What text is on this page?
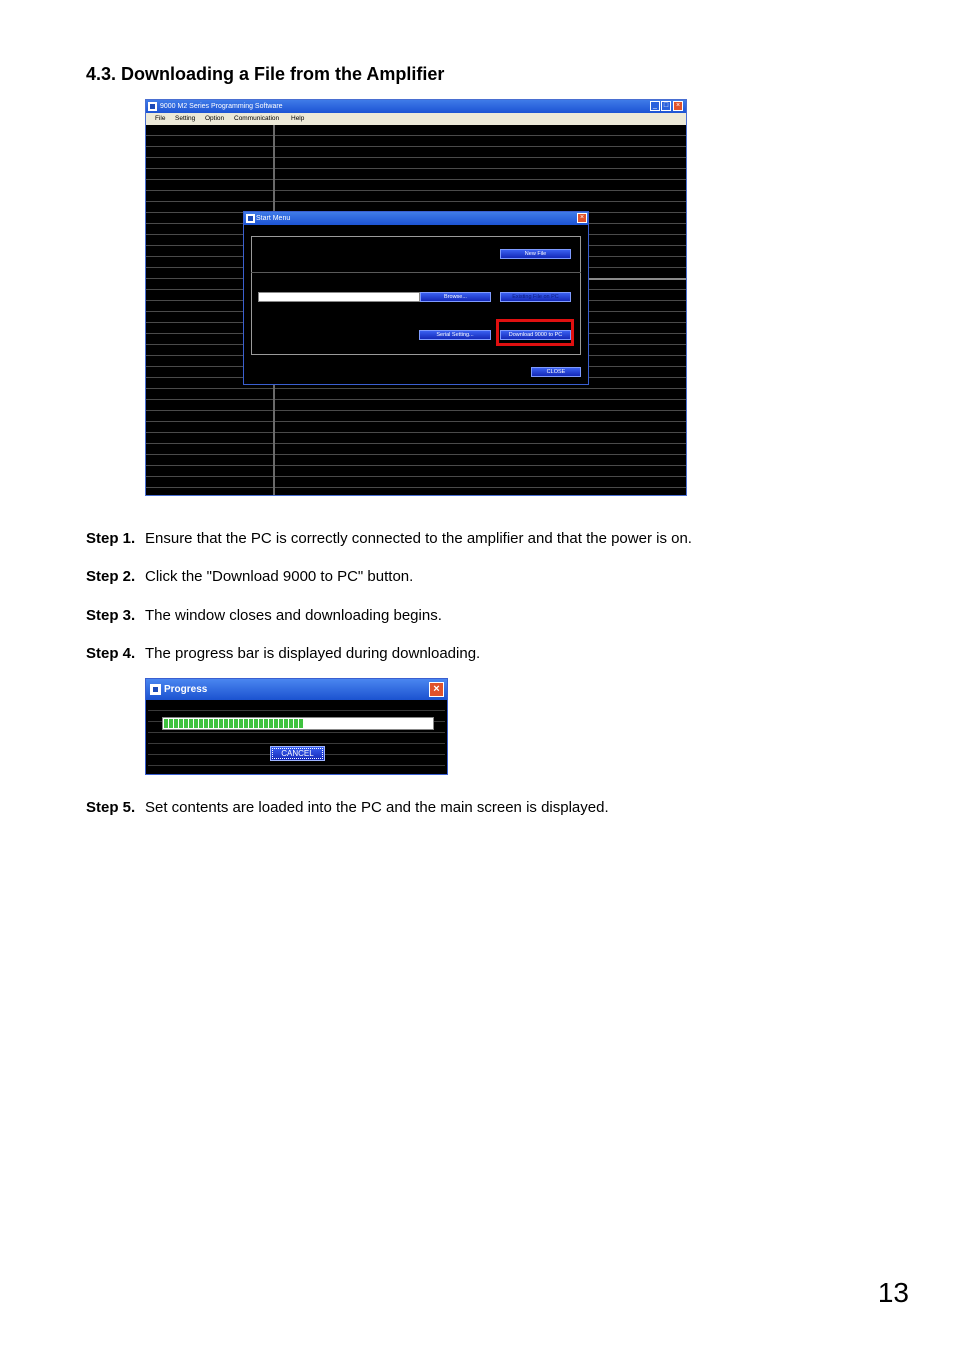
4.3. Downloading a File from the Amplifier
9000 M2 Series Programming Software	_ □	×
File Setting Option Communication Help
Start Menu	×
New File
Browse...	Existing File on PC
Serial Setting...	Download 9000 to PC
CLOSE
Step 1. Ensure that the PC is correctly connected to the amplifier and that the power is on.
Step 2. Click the "Download 9000 to PC" button.
Step 3. The window closes and downloading begins.
Step 4. The progress bar is displayed during downloading.
Progress	×
CANCEL
Step 5. Set contents are loaded into the PC and the main screen is displayed.
13
